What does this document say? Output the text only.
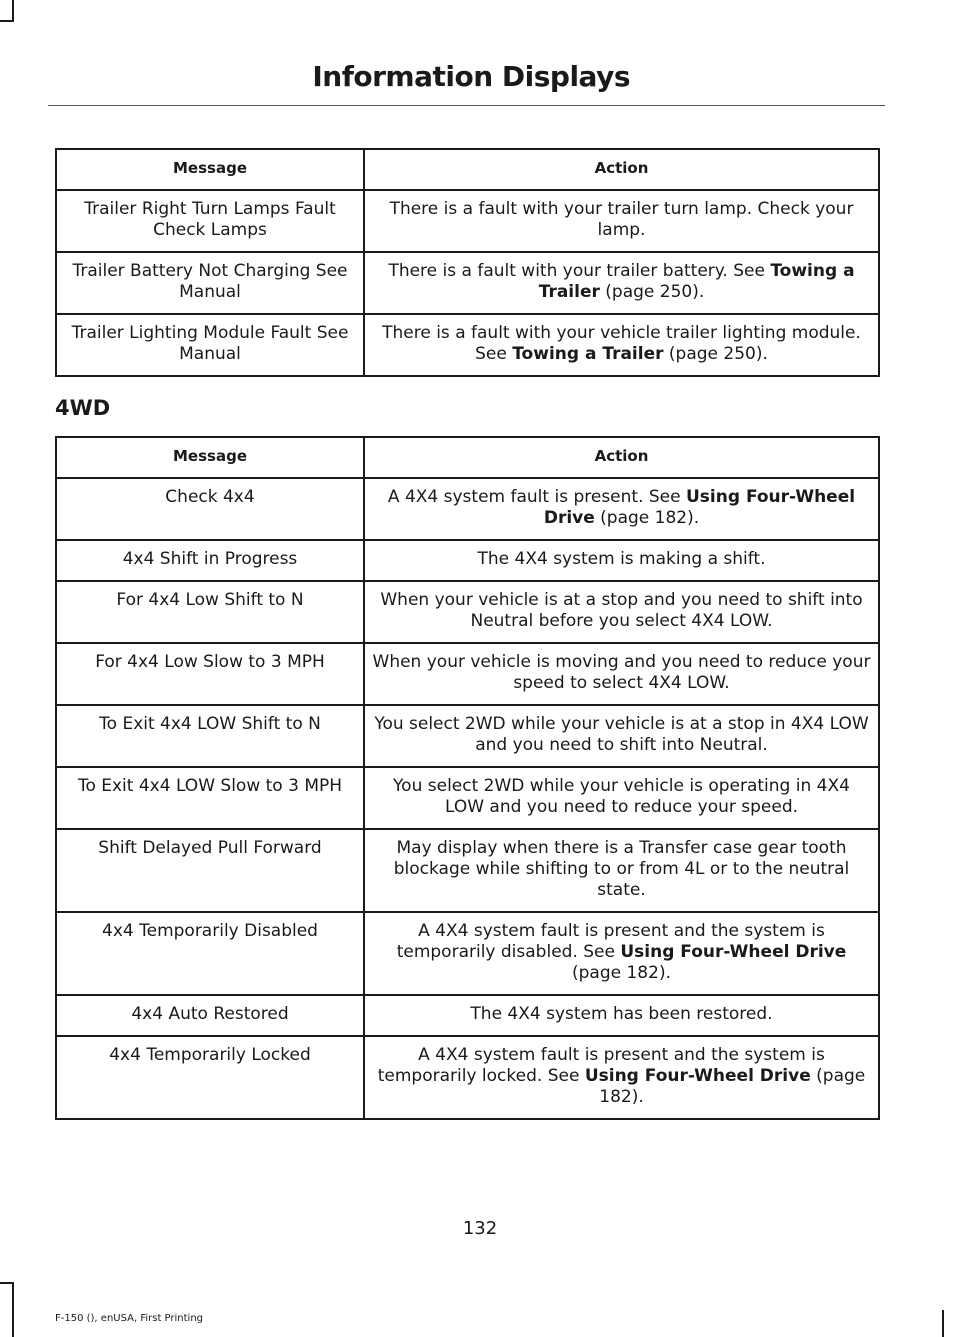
Information Displays
Message	Action
Trailer Right Turn Lamps Fault Check Lamps	There is a fault with your trailer turn lamp. Check your lamp.
Trailer Battery Not Charging See Manual	There is a fault with your trailer battery. See Towing a Trailer (page 250).
Trailer Lighting Module Fault See Manual	There is a fault with your vehicle trailer lighting module. See Towing a Trailer (page 250).
4WD
Message	Action
Check 4x4	A 4X4 system fault is present. See Using Four-Wheel Drive (page 182).
4x4 Shift in Progress	The 4X4 system is making a shift.
For 4x4 Low Shift to N	When your vehicle is at a stop and you need to shift into Neutral before you select 4X4 LOW.
For 4x4 Low Slow to 3 MPH	When your vehicle is moving and you need to reduce your speed to select 4X4 LOW.
To Exit 4x4 LOW Shift to N	You select 2WD while your vehicle is at a stop in 4X4 LOW and you need to shift into Neutral.
To Exit 4x4 LOW Slow to 3 MPH	You select 2WD while your vehicle is operating in 4X4 LOW and you need to reduce your speed.
Shift Delayed Pull Forward	May display when there is a Transfer case gear tooth blockage while shifting to or from 4L or to the neutral state.
4x4 Temporarily Disabled	A 4X4 system fault is present and the system is temporarily disabled. See Using Four-Wheel Drive (page 182).
4x4 Auto Restored	The 4X4 system has been restored.
4x4 Temporarily Locked	A 4X4 system fault is present and the system is temporarily locked. See Using Four-Wheel Drive (page 182).
132
F-150 (), enUSA, First Printing
